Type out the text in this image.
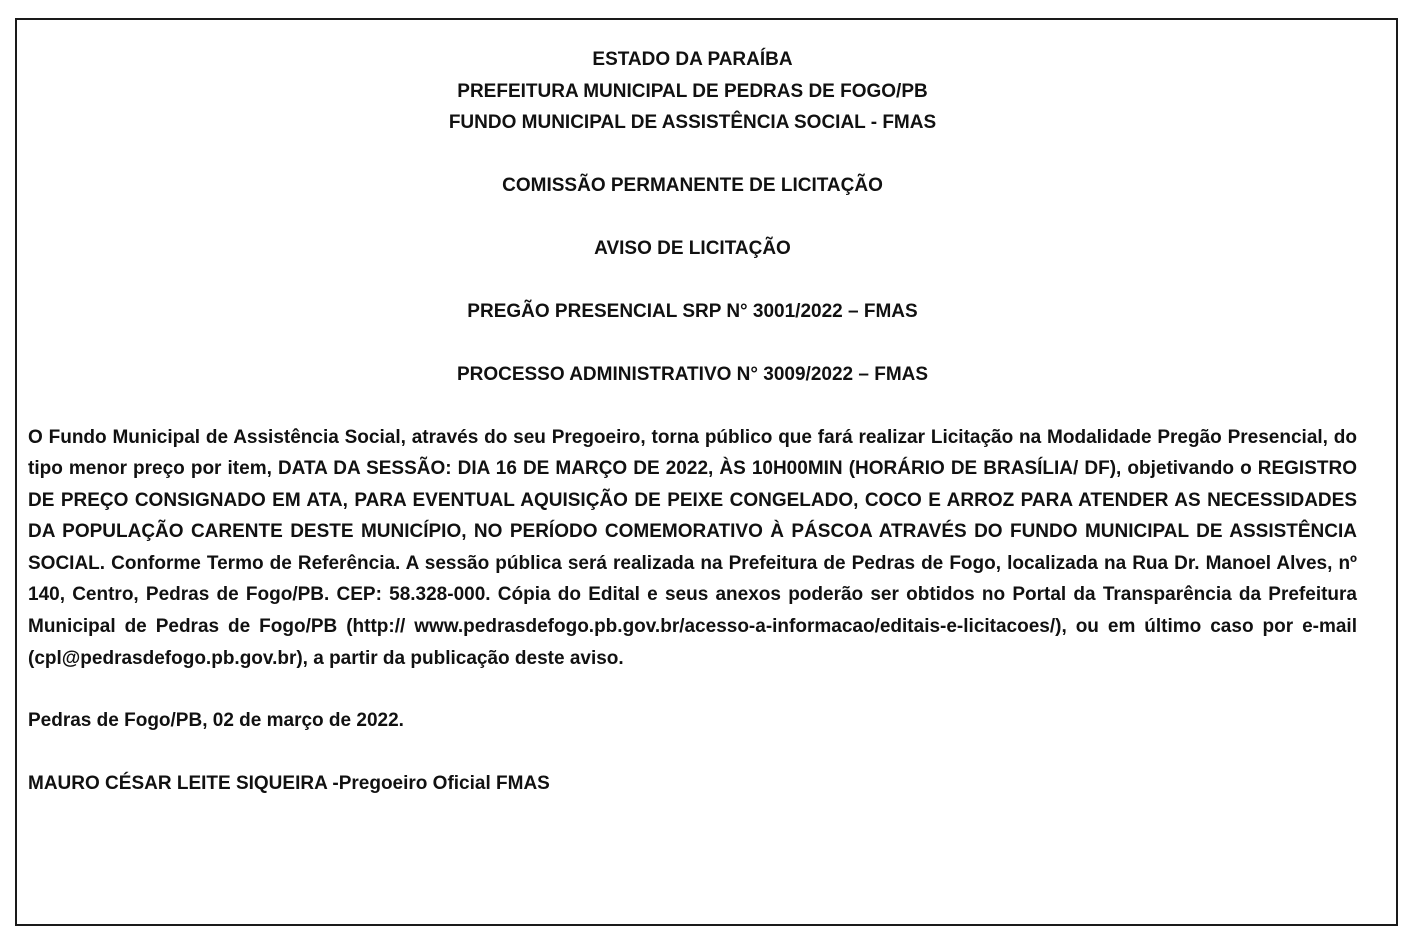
ESTADO DA PARAÍBA

PREFEITURA MUNICIPAL DE PEDRAS DE FOGO/PB

FUNDO MUNICIPAL DE ASSISTÊNCIA SOCIAL - FMAS

COMISSÃO PERMANENTE DE LICITAÇÃO

AVISO DE LICITAÇÃO

PREGÃO PRESENCIAL SRP N° 3001/2022 – FMAS

PROCESSO ADMINISTRATIVO N° 3009/2022 – FMAS

O Fundo Municipal de Assistência Social, através do seu Pregoeiro, torna público que fará realizar Licitação na Modalidade Pregão Presencial, do tipo menor preço por item, DATA DA SESSÃO: DIA 16 DE MARÇO DE 2022, ÀS 10H00MIN (HORÁRIO DE BRASÍLIA/ DF), objetivando o REGISTRO DE PREÇO CONSIGNADO EM ATA, PARA EVENTUAL AQUISIÇÃO DE PEIXE CONGELADO, COCO E ARROZ PARA ATENDER AS NECESSIDADES DA POPULAÇÃO CARENTE DESTE MUNICÍPIO, NO PERÍODO COMEMORATIVO À PÁSCOA ATRAVÉS DO FUNDO MUNICIPAL DE ASSISTÊNCIA SOCIAL. Conforme Termo de Referência. A sessão pública será realizada na Prefeitura de Pedras de Fogo, localizada na Rua Dr. Manoel Alves, nº 140, Centro, Pedras de Fogo/PB. CEP: 58.328-000. Cópia do Edital e seus anexos poderão ser obtidos no Portal da Transparência da Prefeitura Municipal de Pedras de Fogo/PB (http:// www.pedrasdefogo.pb.gov.br/acesso-a-informacao/editais-e-licitacoes/), ou em último caso por e-mail (cpl@pedrasdefogo.pb.gov.br), a partir da publicação deste aviso.

Pedras de Fogo/PB, 02 de março de 2022.

MAURO CÉSAR LEITE SIQUEIRA -Pregoeiro Oficial FMAS
